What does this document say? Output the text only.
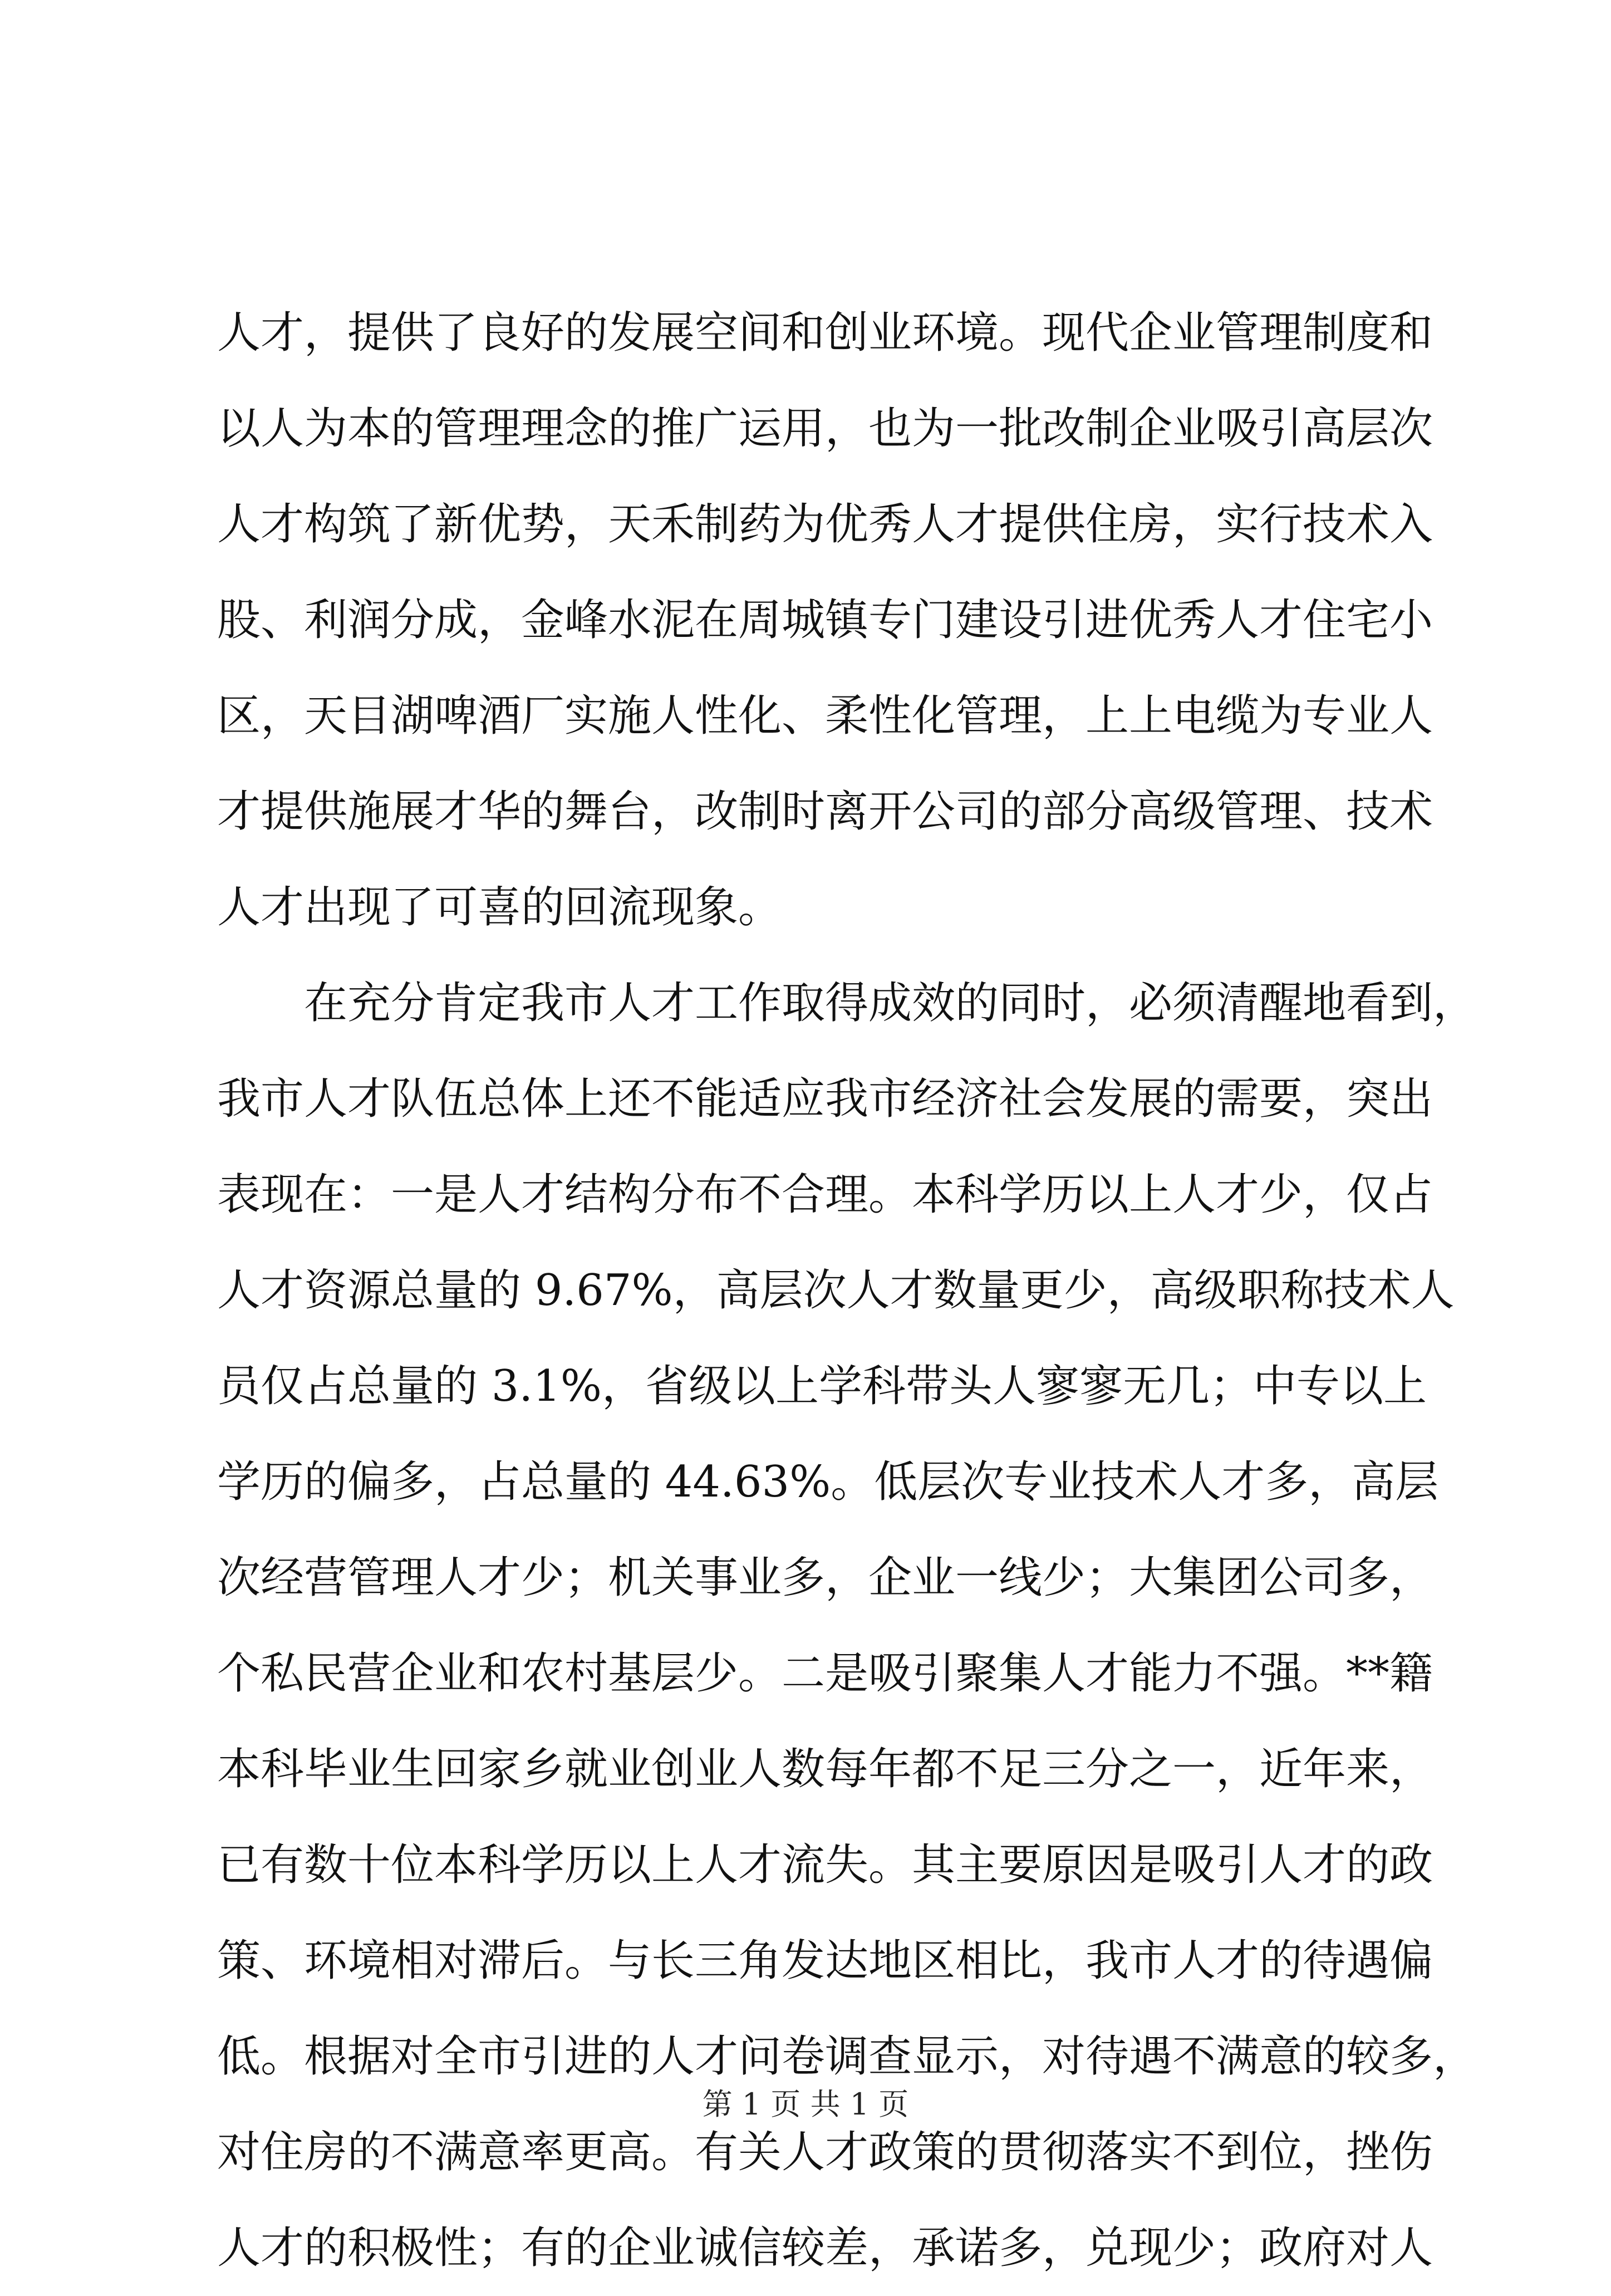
人才，提供了良好的发展空间和创业环境。现代企业管理制度和
以人为本的管理理念的推广运用，也为一批改制企业吸引高层次
人才构筑了新优势，天禾制药为优秀人才提供住房，实行技术入
股、利润分成，金峰水泥在周城镇专门建设引进优秀人才住宅小
区，天目湖啤酒厂实施人性化、柔性化管理，上上电缆为专业人
才提供施展才华的舞台，改制时离开公司的部分高级管理、技术
人才出现了可喜的回流现象。
在充分肯定我市人才工作取得成效的同时，必须清醒地看到，
我市人才队伍总体上还不能适应我市经济社会发展的需要，突出
表现在：一是人才结构分布不合理。本科学历以上人才少，仅占
人才资源总量的 9.67%，高层次人才数量更少，高级职称技术人
员仅占总量的 3.1%，省级以上学科带头人寥寥无几；中专以上
学历的偏多，占总量的 44.63%。低层次专业技术人才多，高层
次经营管理人才少；机关事业多，企业一线少；大集团公司多，
个私民营企业和农村基层少。二是吸引聚集人才能力不强。**籍
本科毕业生回家乡就业创业人数每年都不足三分之一，近年来，
已有数十位本科学历以上人才流失。其主要原因是吸引人才的政
策、环境相对滞后。与长三角发达地区相比，我市人才的待遇偏
低。根据对全市引进的人才问卷调查显示，对待遇不满意的较多，
对住房的不满意率更高。有关人才政策的贯彻落实不到位，挫伤
人才的积极性；有的企业诚信较差，承诺多，兑现少；政府对人
第 1 页 共 1 页
